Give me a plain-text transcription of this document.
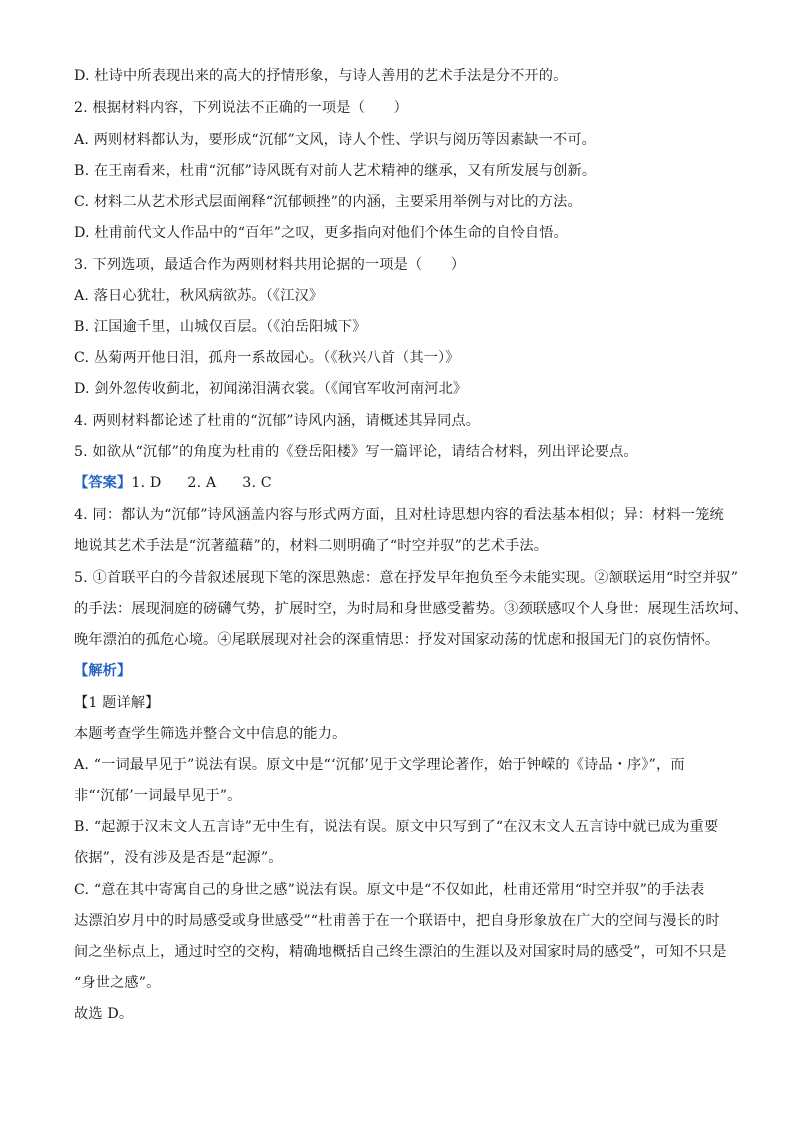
D. 杜诗中所表现出来的高大的抒情形象，与诗人善用的艺术手法是分不开的。
2. 根据材料内容，下列说法不正确的一项是（　　）
A. 两则材料都认为，要形成“沉郁”文风，诗人个性、学识与阅历等因素缺一不可。
B. 在王南看来，杜甫“沉郁”诗风既有对前人艺术精神的继承，又有所发展与创新。
C. 材料二从艺术形式层面阐释“沉郁顿挫”的内涵，主要采用举例与对比的方法。
D. 杜甫前代文人作品中的“百年”之叹，更多指向对他们个体生命的自怜自悟。
3. 下列选项，最适合作为两则材料共用论据的一项是（　　）
A. 落日心犹壮，秋风病欲苏。（《江汉》
B. 江国逾千里，山城仅百层。（《泊岳阳城下》
C. 丛菊两开他日泪，孤舟一系故园心。（《秋兴八首（其一）》
D. 剑外忽传收蓟北，初闻涕泪满衣裳。（《闻官军收河南河北》
4. 两则材料都论述了杜甫的“沉郁”诗风内涵，请概述其异同点。
5. 如欲从“沉郁”的角度为杜甫的《登岳阳楼》写一篇评论，请结合材料，列出评论要点。
【答案】1. D 2. A 3. C
4. 同：都认为“沉郁”诗风涵盖内容与形式两方面，且对杜诗思想内容的看法基本相似；异：材料一笼统
地说其艺术手法是“沉著蕴藉”的，材料二则明确了“时空并驭”的艺术手法。
5. ①首联平白的今昔叙述展现下笔的深思熟虑：意在抒发早年抱负至今未能实现。②颔联运用“时空并驭”
的手法：展现洞庭的磅礴气势，扩展时空，为时局和身世感受蓄势。③颈联感叹个人身世：展现生活坎坷、
晚年漂泊的孤危心境。④尾联展现对社会的深重情思：抒发对国家动荡的忧虑和报国无门的哀伤情怀。
【解析】
【1 题详解】
本题考查学生筛选并整合文中信息的能力。
A. “一词最早见于”说法有误。原文中是“‘沉郁’见于文学理论著作，始于钟嵘的《诗品・序》”，而
非“‘沉郁’一词最早见于”。
B. “起源于汉末文人五言诗”无中生有，说法有误。原文中只写到了“在汉末文人五言诗中就已成为重要
依据”，没有涉及是否是“起源”。
C. “意在其中寄寓自己的身世之感”说法有误。原文中是“不仅如此，杜甫还常用“时空并驭”的手法表
达漂泊岁月中的时局感受或身世感受”“杜甫善于在一个联语中，把自身形象放在广大的空间与漫长的时
间之坐标点上，通过时空的交构，精确地概括自己终生漂泊的生涯以及对国家时局的感受”，可知不只是
“身世之感”。
故选 D。
